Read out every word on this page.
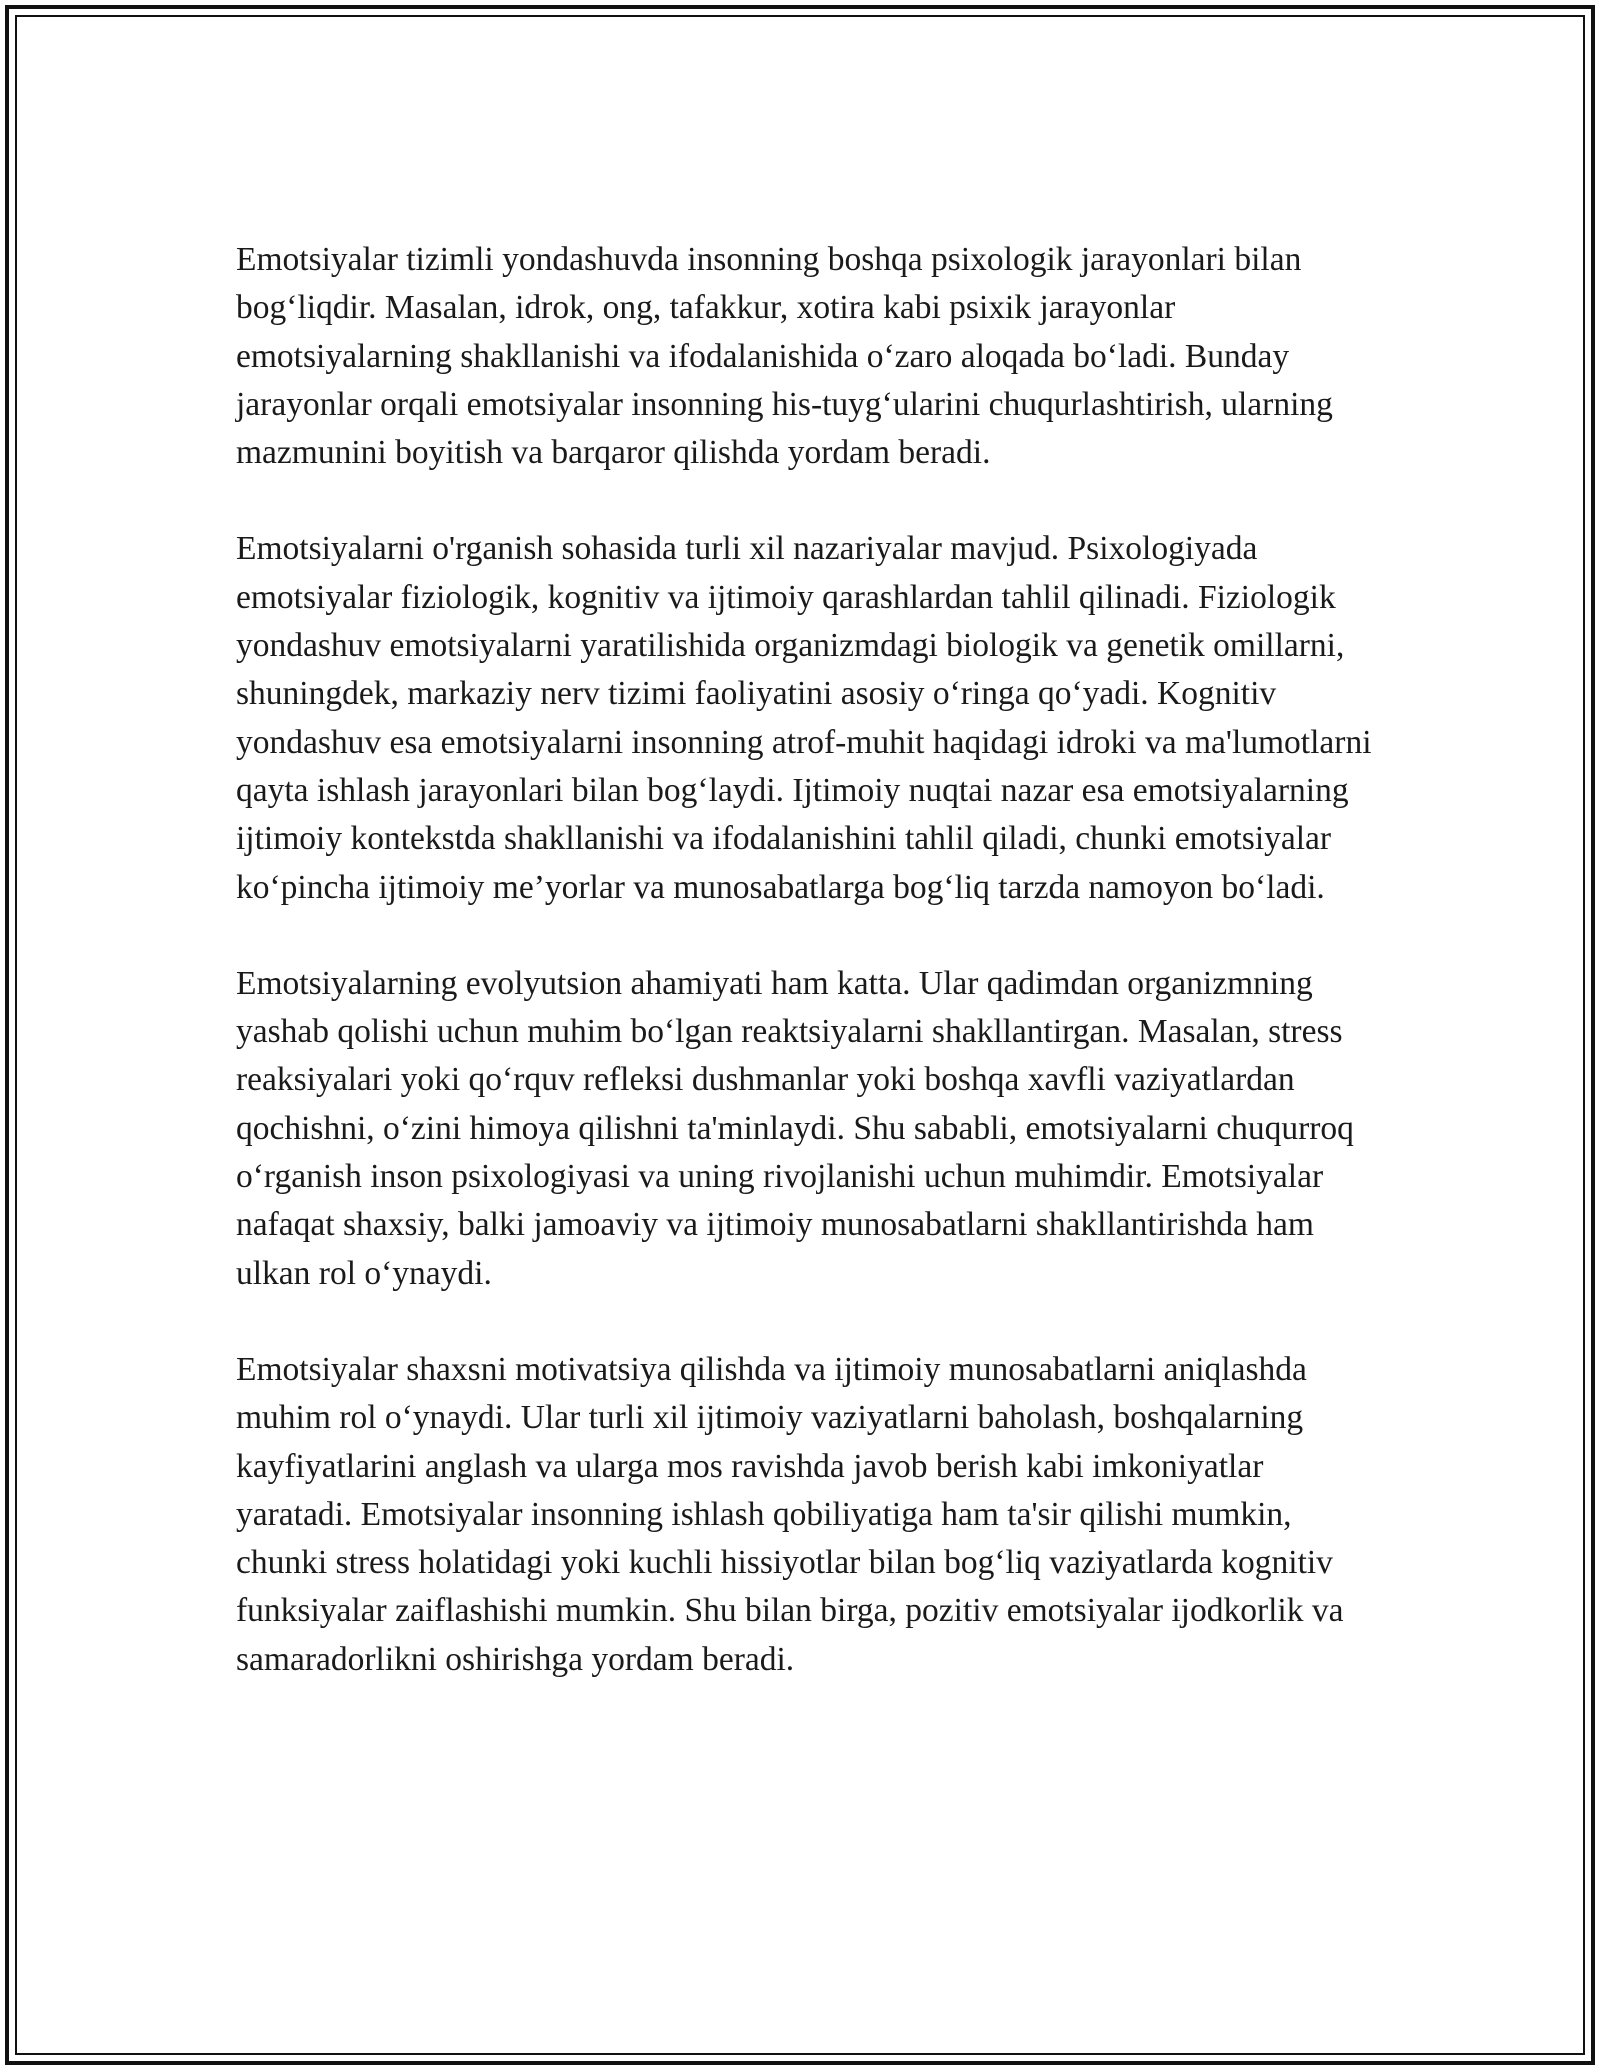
Emotsiyalar tizimli yondashuvda insonning boshqa psixologik jarayonlari bilan bog‘liqdir. Masalan, idrok, ong, tafakkur, xotira kabi psixik jarayonlar emotsiyalarning shakllanishi va ifodalanishida o‘zaro aloqada bo‘ladi. Bunday jarayonlar orqali emotsiyalar insonning his-tuyg‘ularini chuqurlashtirish, ularning mazmunini boyitish va barqaror qilishda yordam beradi.

Emotsiyalarni o'rganish sohasida turli xil nazariyalar mavjud. Psixologiyada emotsiyalar fiziologik, kognitiv va ijtimoiy qarashlardan tahlil qilinadi. Fiziologik yondashuv emotsiyalarni yaratilishida organizmdagi biologik va genetik omillarni, shuningdek, markaziy nerv tizimi faoliyatini asosiy o‘ringa qo‘yadi. Kognitiv yondashuv esa emotsiyalarni insonning atrof-muhit haqidagi idroki va ma'lumotlarni qayta ishlash jarayonlari bilan bog‘laydi. Ijtimoiy nuqtai nazar esa emotsiyalarning ijtimoiy kontekstda shakllanishi va ifodalanishini tahlil qiladi, chunki emotsiyalar ko‘pincha ijtimoiy me’yorlar va munosabatlarga bog‘liq tarzda namoyon bo‘ladi.

Emotsiyalarning evolyutsion ahamiyati ham katta. Ular qadimdan organizmning yashab qolishi uchun muhim bo‘lgan reaktsiyalarni shakllantirgan. Masalan, stress reaksiyalari yoki qo‘rquv refleksi dushmanlar yoki boshqa xavfli vaziyatlardan qochishni, o‘zini himoya qilishni ta'minlaydi. Shu sababli, emotsiyalarni chuqurroq o‘rganish inson psixologiyasi va uning rivojlanishi uchun muhimdir. Emotsiyalar nafaqat shaxsiy, balki jamoaviy va ijtimoiy munosabatlarni shakllantirishda ham ulkan rol o‘ynaydi.

Emotsiyalar shaxsni motivatsiya qilishda va ijtimoiy munosabatlarni aniqlashda muhim rol o‘ynaydi. Ular turli xil ijtimoiy vaziyatlarni baholash, boshqalarning kayfiyatlarini anglash va ularga mos ravishda javob berish kabi imkoniyatlar yaratadi. Emotsiyalar insonning ishlash qobiliyatiga ham ta'sir qilishi mumkin, chunki stress holatidagi yoki kuchli hissiyotlar bilan bog‘liq vaziyatlarda kognitiv funksiyalar zaiflashishi mumkin. Shu bilan birga, pozitiv emotsiyalar ijodkorlik va samaradorlikni oshirishga yordam beradi.
